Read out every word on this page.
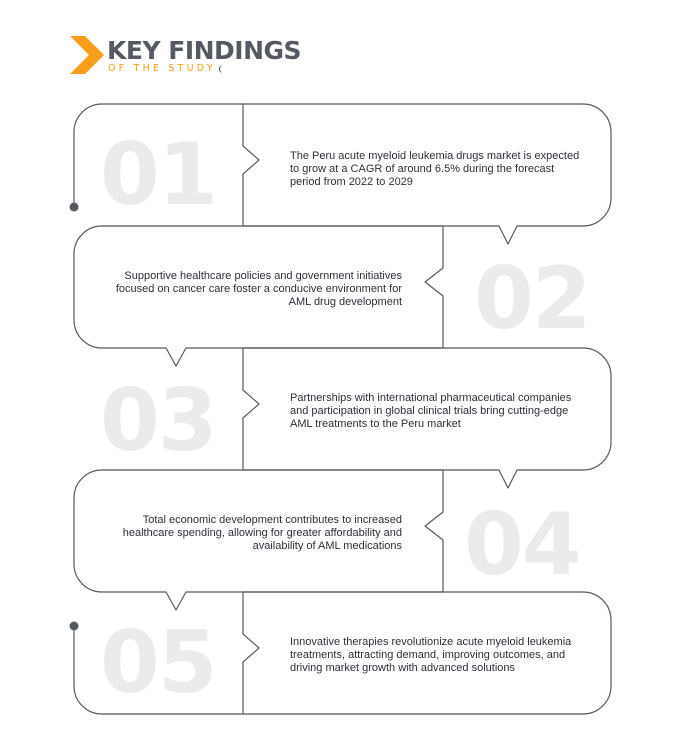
KEY FINDINGS
OF THE STUDY
01
02
03
04
05
The Peru acute myeloid leukemia drugs market is expected to grow at a CAGR of around 6.5% during the forecast period from 2022 to 2029
Supportive healthcare policies and government initiatives focused on cancer care foster a conducive environment for AML drug development
Partnerships with international pharmaceutical companies and participation in global clinical trials bring cutting-edge AML treatments to the Peru market
Total economic development contributes to increased healthcare spending, allowing for greater affordability and availability of AML medications
Innovative therapies revolutionize acute myeloid leukemia treatments, attracting demand, improving outcomes, and driving market growth with advanced solutions
